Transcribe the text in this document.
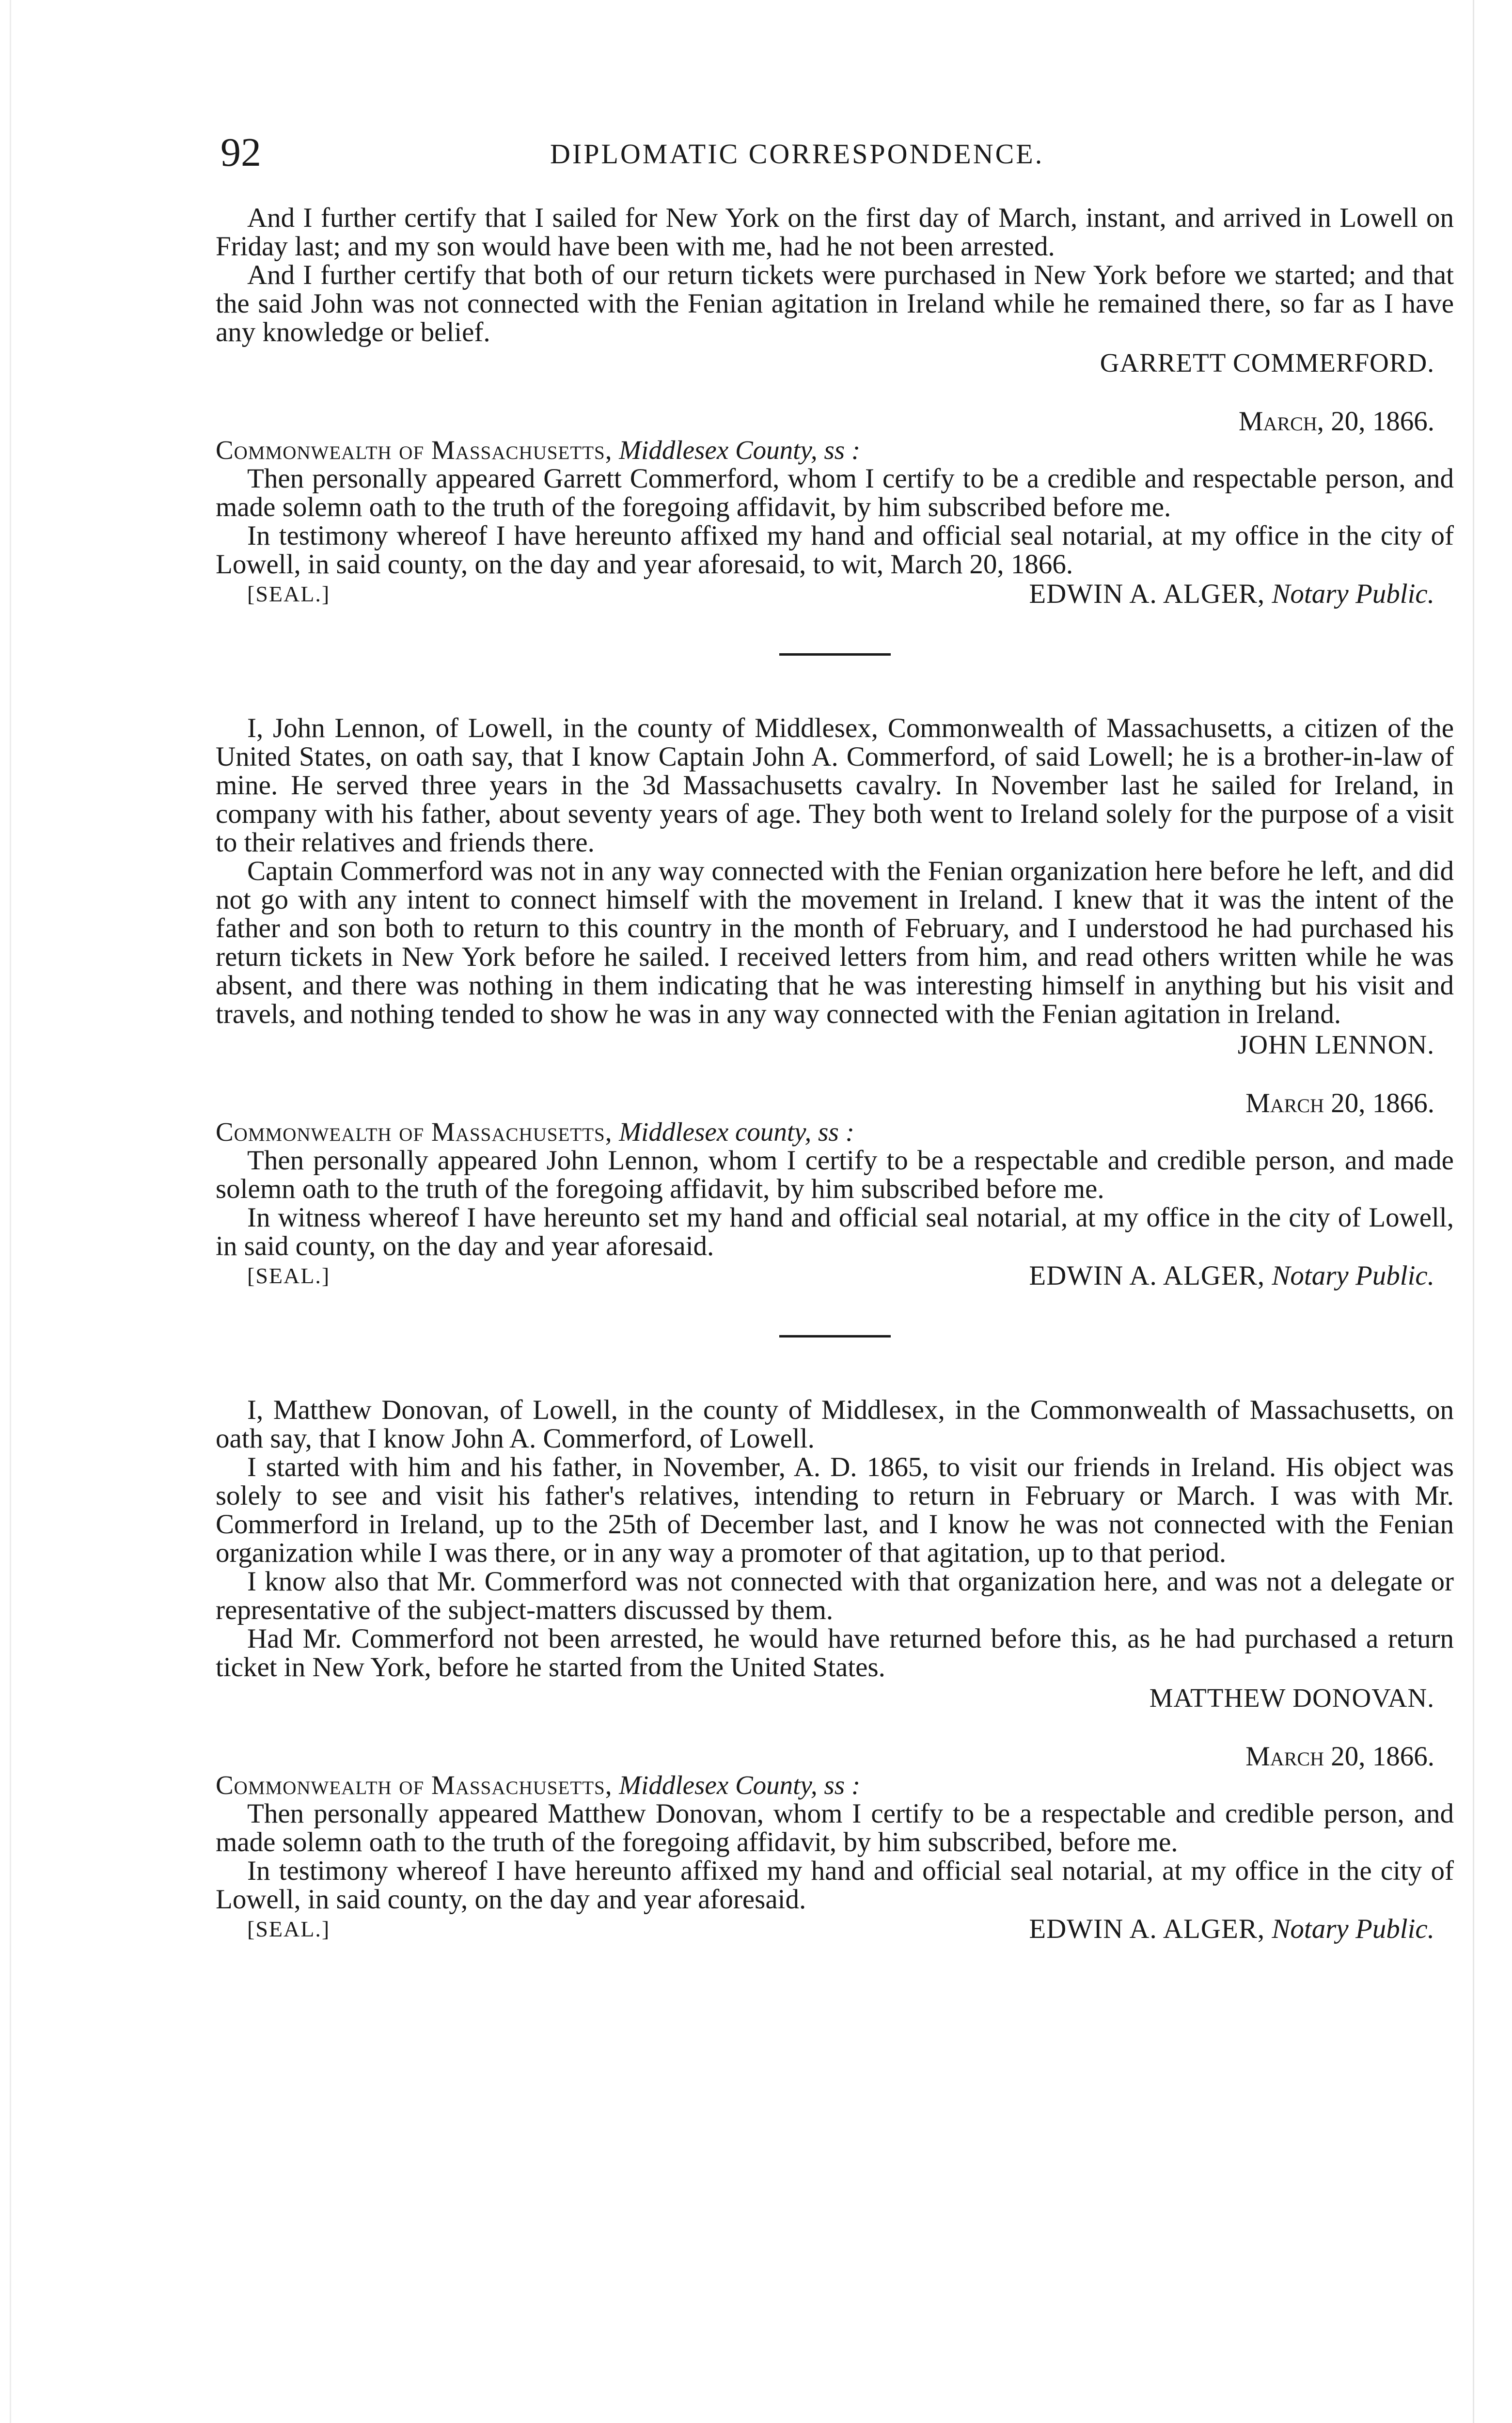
92	DIPLOMATIC CORRESPONDENCE.

And I further certify that I sailed for New York on the first day of March, instant, and arrived in Lowell on Friday last; and my son would have been with me, had he not been arrested.

And I further certify that both of our return tickets were purchased in New York before we started; and that the said John was not connected with the Fenian agitation in Ireland while he remained there, so far as I have any knowledge or belief.

GARRETT COMMERFORD.
March, 20, 1866.
Commonwealth of Massachusetts, Middlesex County, ss :

Then personally appeared Garrett Commerford, whom I certify to be a credible and respectable person, and made solemn oath to the truth of the foregoing affidavit, by him subscribed before me.

In testimony whereof I have hereunto affixed my hand and official seal notarial, at my office in the city of Lowell, in said county, on the day and year aforesaid, to wit, March 20, 1866.

[SEAL.]	EDWIN A. ALGER, Notary Public.

I, John Lennon, of Lowell, in the county of Middlesex, Commonwealth of Massachusetts, a citizen of the United States, on oath say, that I know Captain John A. Commerford, of said Lowell; he is a brother-in-law of mine. He served three years in the 3d Massachusetts cavalry. In November last he sailed for Ireland, in company with his father, about seventy years of age. They both went to Ireland solely for the purpose of a visit to their relatives and friends there.

Captain Commerford was not in any way connected with the Fenian organization here before he left, and did not go with any intent to connect himself with the movement in Ireland. I knew that it was the intent of the father and son both to return to this country in the month of February, and I understood he had purchased his return tickets in New York before he sailed. I received letters from him, and read others written while he was absent, and there was nothing in them indicating that he was interesting himself in anything but his visit and travels, and nothing tended to show he was in any way connected with the Fenian agitation in Ireland.

JOHN LENNON.
March 20, 1866.
Commonwealth of Massachusetts, Middlesex county, ss :

Then personally appeared John Lennon, whom I certify to be a respectable and credible person, and made solemn oath to the truth of the foregoing affidavit, by him subscribed before me.

In witness whereof I have hereunto set my hand and official seal notarial, at my office in the city of Lowell, in said county, on the day and year aforesaid.

[SEAL.]	EDWIN A. ALGER, Notary Public.

I, Matthew Donovan, of Lowell, in the county of Middlesex, in the Commonwealth of Massachusetts, on oath say, that I know John A. Commerford, of Lowell.

I started with him and his father, in November, A. D. 1865, to visit our friends in Ireland. His object was solely to see and visit his father's relatives, intending to return in February or March. I was with Mr. Commerford in Ireland, up to the 25th of December last, and I know he was not connected with the Fenian organization while I was there, or in any way a promoter of that agitation, up to that period.

I know also that Mr. Commerford was not connected with that organization here, and was not a delegate or representative of the subject-matters discussed by them.

Had Mr. Commerford not been arrested, he would have returned before this, as he had purchased a return ticket in New York, before he started from the United States.

MATTHEW DONOVAN.
March 20, 1866.
Commonwealth of Massachusetts, Middlesex County, ss :

Then personally appeared Matthew Donovan, whom I certify to be a respectable and credible person, and made solemn oath to the truth of the foregoing affidavit, by him subscribed, before me.

In testimony whereof I have hereunto affixed my hand and official seal notarial, at my office in the city of Lowell, in said county, on the day and year aforesaid.

[SEAL.]	EDWIN A. ALGER, Notary Public.
